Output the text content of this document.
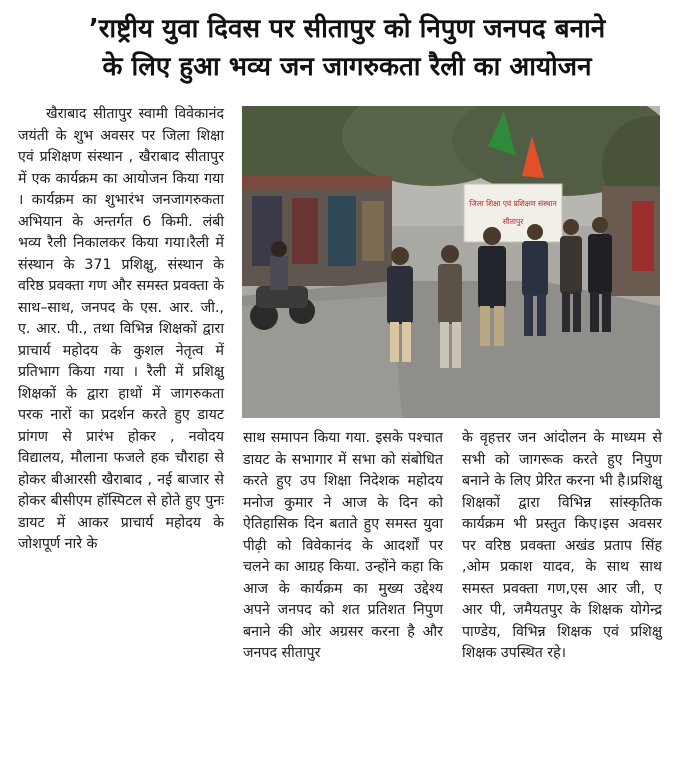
’राष्ट्रीय युवा दिवस पर सीतापुर को निपुण जनपद बनाने
के लिए हुआ भव्य जन जागरुकता रैली का आयोजन
खैराबाद सीतापुर स्वामी विवेकानंद जयंती के शुभ अवसर पर जिला शिक्षा एवं प्रशिक्षण संस्थान , खैराबाद सीतापुर में एक कार्यक्रम का आयोजन किया गया । कार्यक्रम का शुभारंभ जनजागरुकता अभियान के अन्तर्गत 6 किमी. लंबी भव्य रैली निकालकर किया गया।रैली में संस्थान के 371 प्रशिक्षु, संस्थान के वरिष्ठ प्रवक्ता गण और समस्त प्रवक्ता के साथ–साथ, जनपद के एस. आर. जी., ए. आर. पी., तथा विभिन्न शिक्षकों द्वारा प्राचार्य महोदय के कुशल नेतृत्व में प्रतिभाग किया गया । रैली में प्रशिक्षु शिक्षकों के द्वारा हाथों में जागरुकता परक नारों का प्रदर्शन करते हुए डायट प्रांगण से प्रारंभ होकर , नवोदय विद्यालय, मौलाना फजले हक चौराहा से होकर बीआरसी खैराबाद , नई बाजार से होकर बीसीएम हॉस्पिटल से होते हुए पुनः डायट में आकर प्राचार्य महोदय के जोशपूर्ण नारे के
जिला शिक्षा एवं प्रशिक्षण संस्थान
सीतापुर
साथ समापन किया गया. इसके पश्चात डायट के सभागार में सभा को संबोधित करते हुए उप शिक्षा निदेशक महोदय मनोज कुमार ने आज के दिन को ऐतिहासिक दिन बताते हुए समस्त युवा पीढ़ी को विवेकानंद के आदर्शों पर चलने का आग्रह किया. उन्होंने कहा कि आज के कार्यक्रम का मुख्य उद्देश्य अपने जनपद को शत प्रतिशत निपुण बनाने की ओर अग्रसर करना है और जनपद सीतापुर
के वृहत्तर जन आंदोलन के माध्यम से सभी को जागरूक करते हुए निपुण बनाने के लिए प्रेरित करना भी है।प्रशिक्षु शिक्षकों द्वारा विभिन्न सांस्कृतिक कार्यक्रम भी प्रस्तुत किए।इस अवसर पर वरिष्ठ प्रवक्ता अखंड प्रताप सिंह ,ओम प्रकाश यादव, के साथ साथ समस्त प्रवक्ता गण,एस आर जी, ए आर पी, जमैयतपुर के शिक्षक योगेन्द्र पाण्डेय, विभिन्न शिक्षक एवं प्रशिक्षु शिक्षक उपस्थित रहे।
